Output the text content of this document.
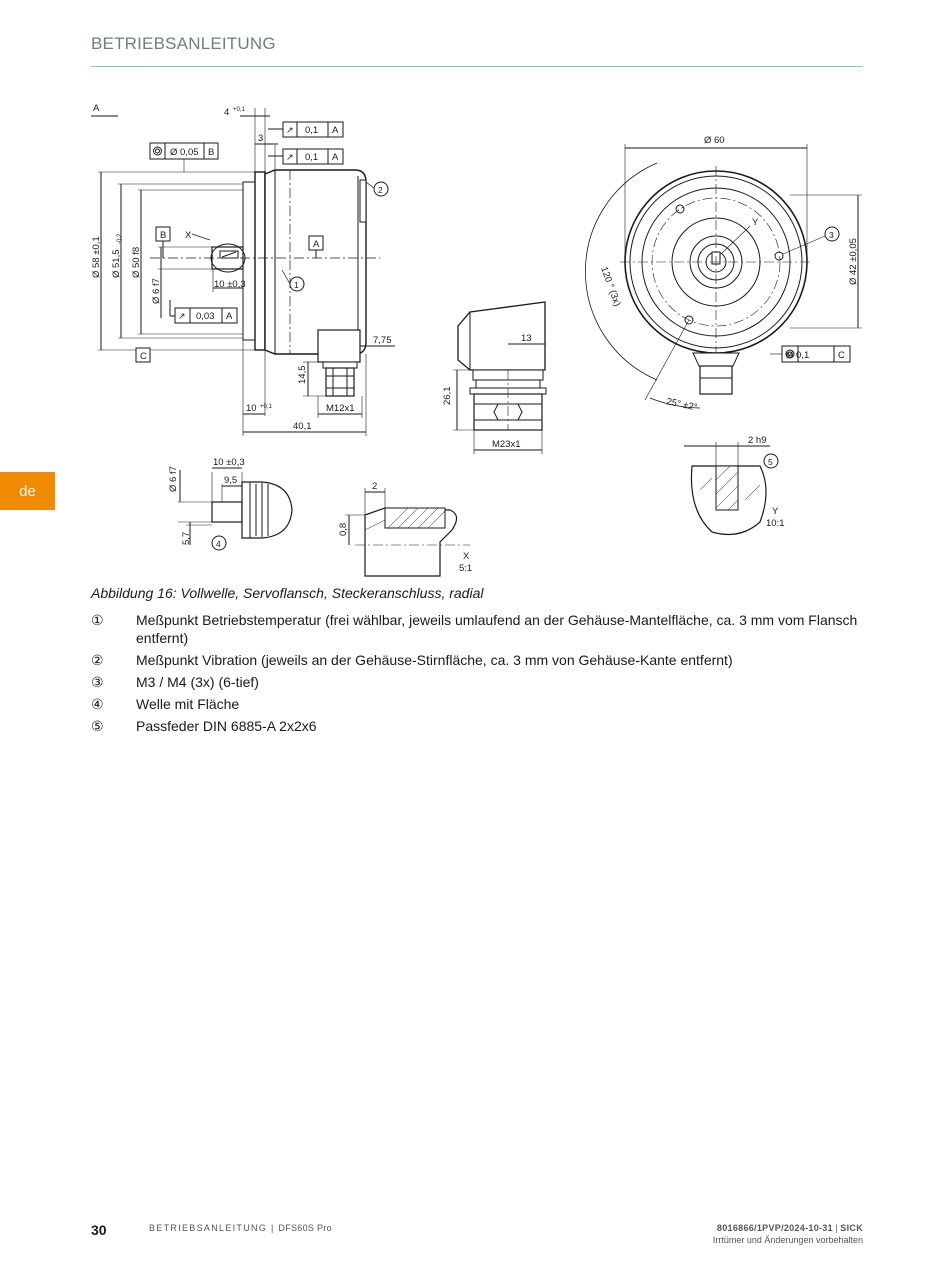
BETRIEBSANLEITUNG
de
A	4 +0,1
3
↗ 0,1 A
↗ 0,1 A
Ø 0,05 B
B X
A
C
↗ 0,03 A
10 ±0,3
7,75
10 +0,1	M12x1
40,1
Ø 58 ±0,1 Ø 51,5
-0,2
Ø 50 f8
Ø 6 f7
14,5
1
2
13
26,1
M23x1
Ø 60
120 ° (3x)
Ø 42 ±0,05
25° ±2°
Y
Ø 0,1	C
3
Ø 6 f7
10 ±0,3
9,5
5,7	4
2
0,8
X
5:1
2 h9
5
Y
10:1
Abbildung 16: Vollwelle, Servoflansch, Steckeranschluss, radial
①	Meßpunkt Betriebstemperatur (frei wählbar, jeweils umlaufend an der Gehäuse-Mantelfläche, ca. 3 mm vom Flansch entfernt)
②	Meßpunkt Vibration (jeweils an der Gehäuse-Stirnfläche, ca. 3 mm von Gehäuse-Kante entfernt)
③	M3 / M4 (3x) (6-tief)
④	Welle mit Fläche
⑤	Passfeder DIN 6885-A 2x2x6
30	BETRIEBSANLEITUNG | DFS60S Pro	8016866/1PVP/2024-10-31 | SICK
Irrtümer und Änderungen vorbehalten
